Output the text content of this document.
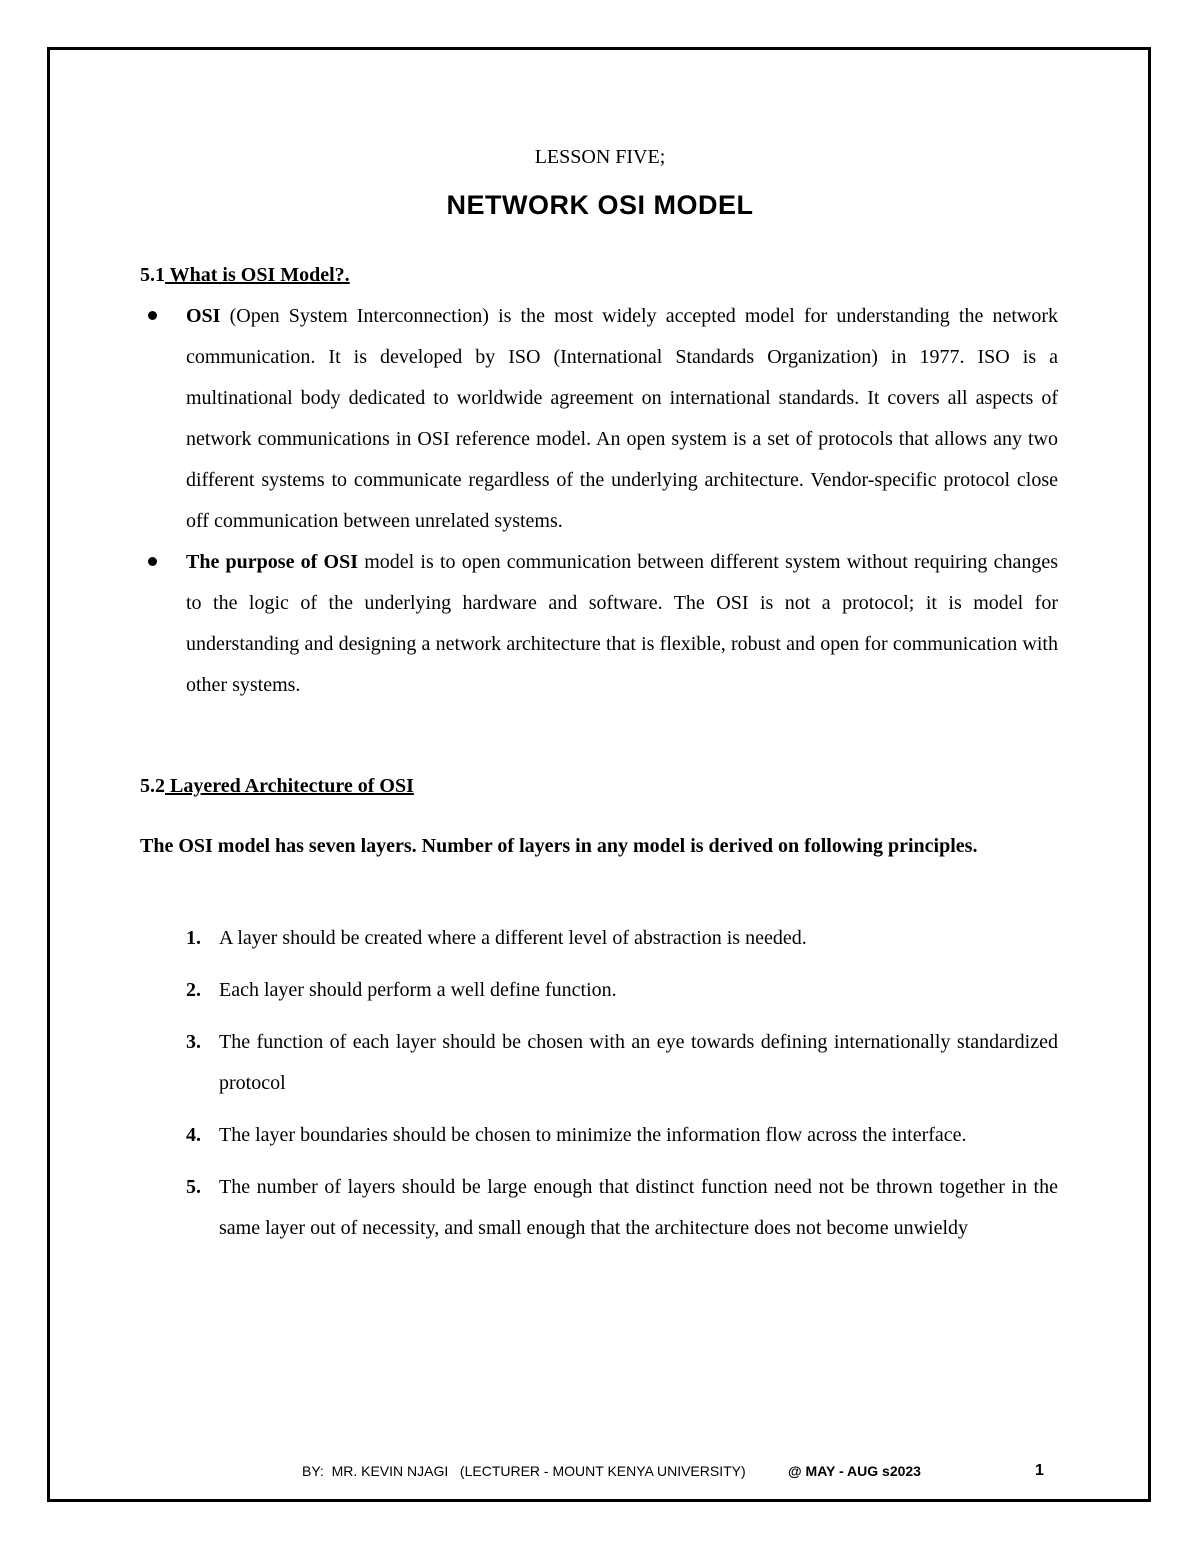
LESSON FIVE;
NETWORK OSI MODEL
5.1 What is OSI Model?.
OSI (Open System Interconnection) is the most widely accepted model for understanding the network communication. It is developed by ISO (International Standards Organization) in 1977. ISO is a multinational body dedicated to worldwide agreement on international standards. It covers all aspects of network communications in OSI reference model. An open system is a set of protocols that allows any two different systems to communicate regardless of the underlying architecture. Vendor-specific protocol close off communication between unrelated systems.
The purpose of OSI model is to open communication between different system without requiring changes to the logic of the underlying hardware and software. The OSI is not a protocol; it is model for understanding and designing a network architecture that is flexible, robust and open for communication with other systems.
5.2 Layered Architecture of OSI
The OSI model has seven layers. Number of layers in any model is derived on following principles.
1. A layer should be created where a different level of abstraction is needed.
2. Each layer should perform a well define function.
3. The function of each layer should be chosen with an eye towards defining internationally standardized protocol
4. The layer boundaries should be chosen to minimize the information flow across the interface.
5. The number of layers should be large enough that distinct function need not be thrown together in the same layer out of necessity, and small enough that the architecture does not become unwieldy
BY:  MR. KEVIN NJAGI   (LECTURER - MOUNT KENYA UNIVERSITY)	@ MAY - AUG s2023	1
